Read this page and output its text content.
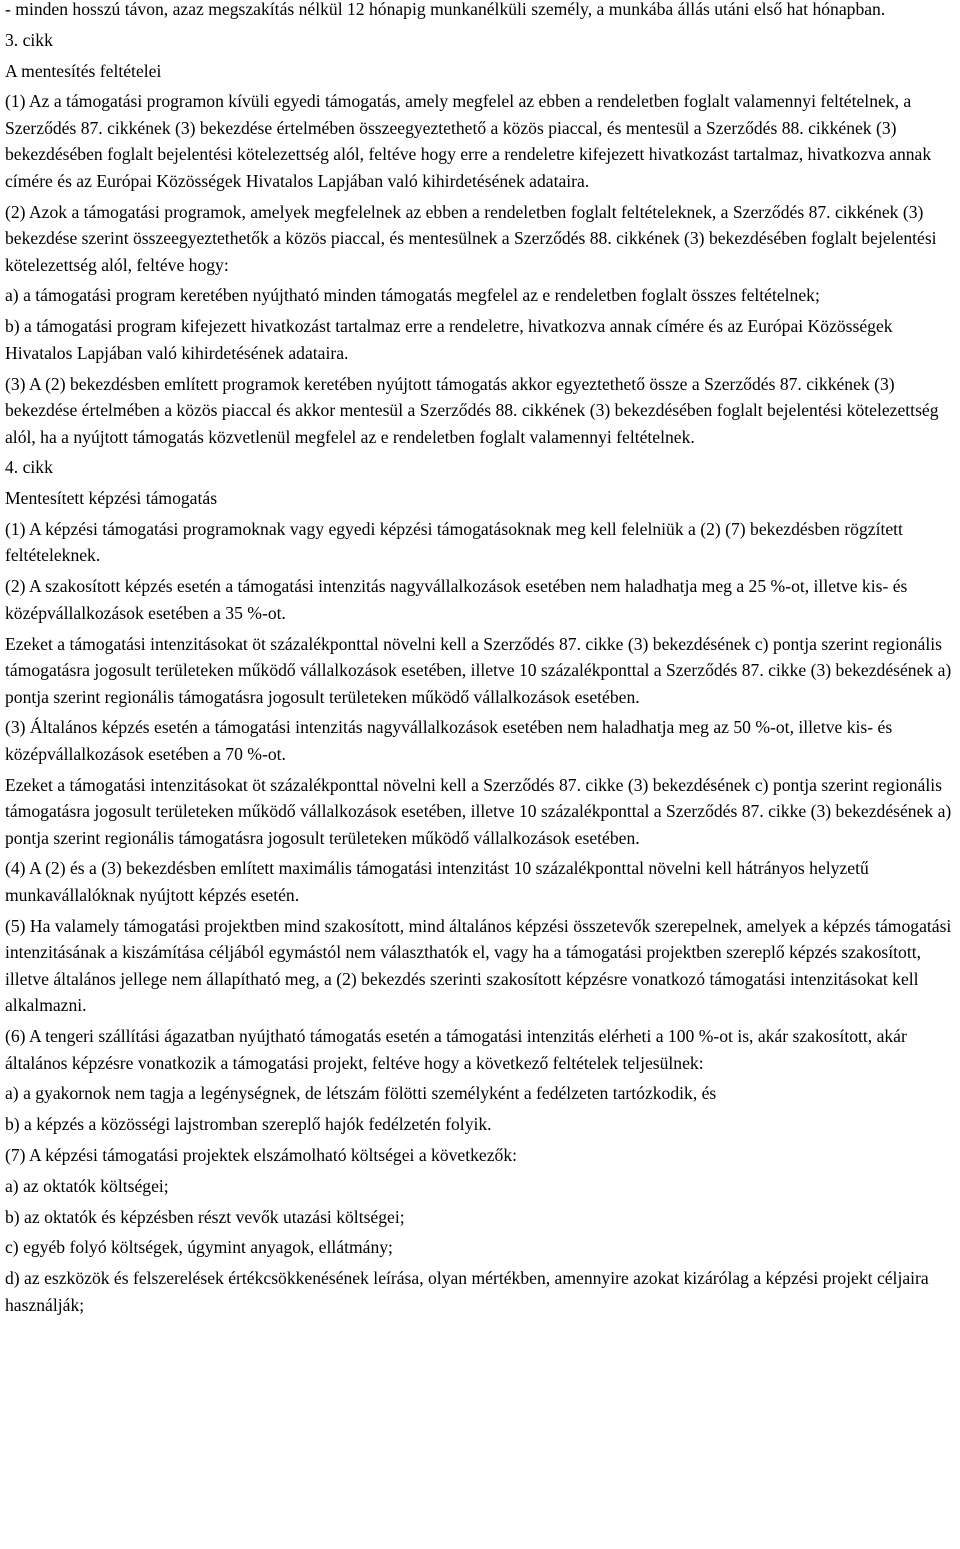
- minden hosszú távon, azaz megszakítás nélkül 12 hónapig munkanélküli személy, a munkába állás utáni első hat hónapban.

3. cikk

A mentesítés feltételei

(1) Az a támogatási programon kívüli egyedi támogatás, amely megfelel az ebben a rendeletben foglalt valamennyi feltételnek, a Szerződés 87. cikkének (3) bekezdése értelmében összeegyeztethető a közös piaccal, és mentesül a Szerződés 88. cikkének (3) bekezdésében foglalt bejelentési kötelezettség alól, feltéve hogy erre a rendeletre kifejezett hivatkozást tartalmaz, hivatkozva annak címére és az Európai Közösségek Hivatalos Lapjában való kihirdetésének adataira.

(2) Azok a támogatási programok, amelyek megfelelnek az ebben a rendeletben foglalt feltételeknek, a Szerződés 87. cikkének (3) bekezdése szerint összeegyeztethetők a közös piaccal, és mentesülnek a Szerződés 88. cikkének (3) bekezdésében foglalt bejelentési kötelezettség alól, feltéve hogy:

a) a támogatási program keretében nyújtható minden támogatás megfelel az e rendeletben foglalt összes feltételnek;

b) a támogatási program kifejezett hivatkozást tartalmaz erre a rendeletre, hivatkozva annak címére és az Európai Közösségek Hivatalos Lapjában való kihirdetésének adataira.

(3) A (2) bekezdésben említett programok keretében nyújtott támogatás akkor egyeztethető össze a Szerződés 87. cikkének (3) bekezdése értelmében a közös piaccal és akkor mentesül a Szerződés 88. cikkének (3) bekezdésében foglalt bejelentési kötelezettség alól, ha a nyújtott támogatás közvetlenül megfelel az e rendeletben foglalt valamennyi feltételnek.

4. cikk

Mentesített képzési támogatás

(1) A képzési támogatási programoknak vagy egyedi képzési támogatásoknak meg kell felelniük a (2) (7) bekezdésben rögzített feltételeknek.

(2) A szakosított képzés esetén a támogatási intenzitás nagyvállalkozások esetében nem haladhatja meg a 25 %-ot, illetve kis- és középvállalkozások esetében a 35 %-ot.

Ezeket a támogatási intenzitásokat öt százalékponttal növelni kell a Szerződés 87. cikke (3) bekezdésének c) pontja szerint regionális támogatásra jogosult területeken működő vállalkozások esetében, illetve 10 százalékponttal a Szerződés 87. cikke (3) bekezdésének a) pontja szerint regionális támogatásra jogosult területeken működő vállalkozások esetében.

(3) Általános képzés esetén a támogatási intenzitás nagyvállalkozások esetében nem haladhatja meg az 50 %-ot, illetve kis- és középvállalkozások esetében a 70 %-ot.

Ezeket a támogatási intenzitásokat öt százalékponttal növelni kell a Szerződés 87. cikke (3) bekezdésének c) pontja szerint regionális támogatásra jogosult területeken működő vállalkozások esetében, illetve 10 százalékponttal a Szerződés 87. cikke (3) bekezdésének a) pontja szerint regionális támogatásra jogosult területeken működő vállalkozások esetében.

(4) A (2) és a (3) bekezdésben említett maximális támogatási intenzitást 10 százalékponttal növelni kell hátrányos helyzetű munkavállalóknak nyújtott képzés esetén.

(5) Ha valamely támogatási projektben mind szakosított, mind általános képzési összetevők szerepelnek, amelyek a képzés támogatási intenzitásának a kiszámítása céljából egymástól nem választhatók el, vagy ha a támogatási projektben szereplő képzés szakosított, illetve általános jellege nem állapítható meg, a (2) bekezdés szerinti szakosított képzésre vonatkozó támogatási intenzitásokat kell alkalmazni.

(6) A tengeri szállítási ágazatban nyújtható támogatás esetén a támogatási intenzitás elérheti a 100 %-ot is, akár szakosított, akár általános képzésre vonatkozik a támogatási projekt, feltéve hogy a következő feltételek teljesülnek:

a) a gyakornok nem tagja a legénységnek, de létszám fölötti személyként a fedélzeten tartózkodik, és

b) a képzés a közösségi lajstromban szereplő hajók fedélzetén folyik.

(7) A képzési támogatási projektek elszámolható költségei a következők:

a) az oktatók költségei;

b) az oktatók és képzésben részt vevők utazási költségei;

c) egyéb folyó költségek, úgymint anyagok, ellátmány;

d) az eszközök és felszerelések értékcsökkenésének leírása, olyan mértékben, amennyire azokat kizárólag a képzési projekt céljaira használják;
